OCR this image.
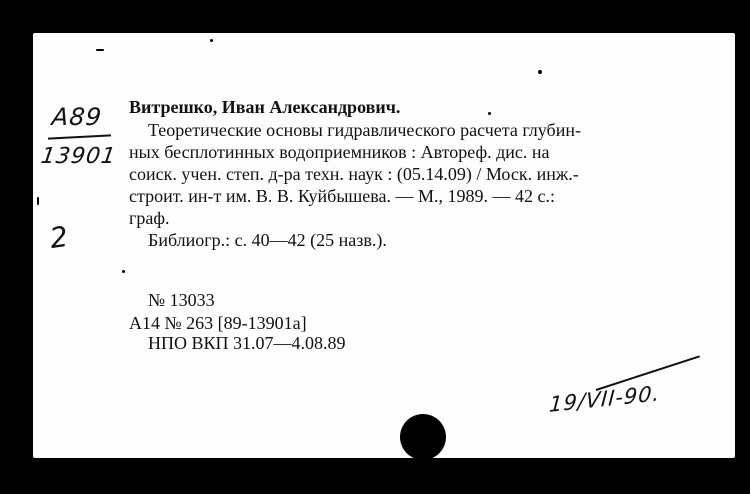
A89
13901
2
Витрешко, Иван Александрович.
Теоретические основы гидравлического расчета глубин-
ных бесплотинных водоприемников : Автореф. дис. на
соиск. учен. степ. д-ра техн. наук : (05.14.09) / Моск. инж.-
строит. ин-т им. В. В. Куйбышева. — М., 1989. — 42 с.:
граф.
Библиогр.: с. 40—42 (25 назв.).
№ 13033
А14 № 263 [89-13901а]
НПО ВКП 31.07—4.08.89
19/VII-90.
